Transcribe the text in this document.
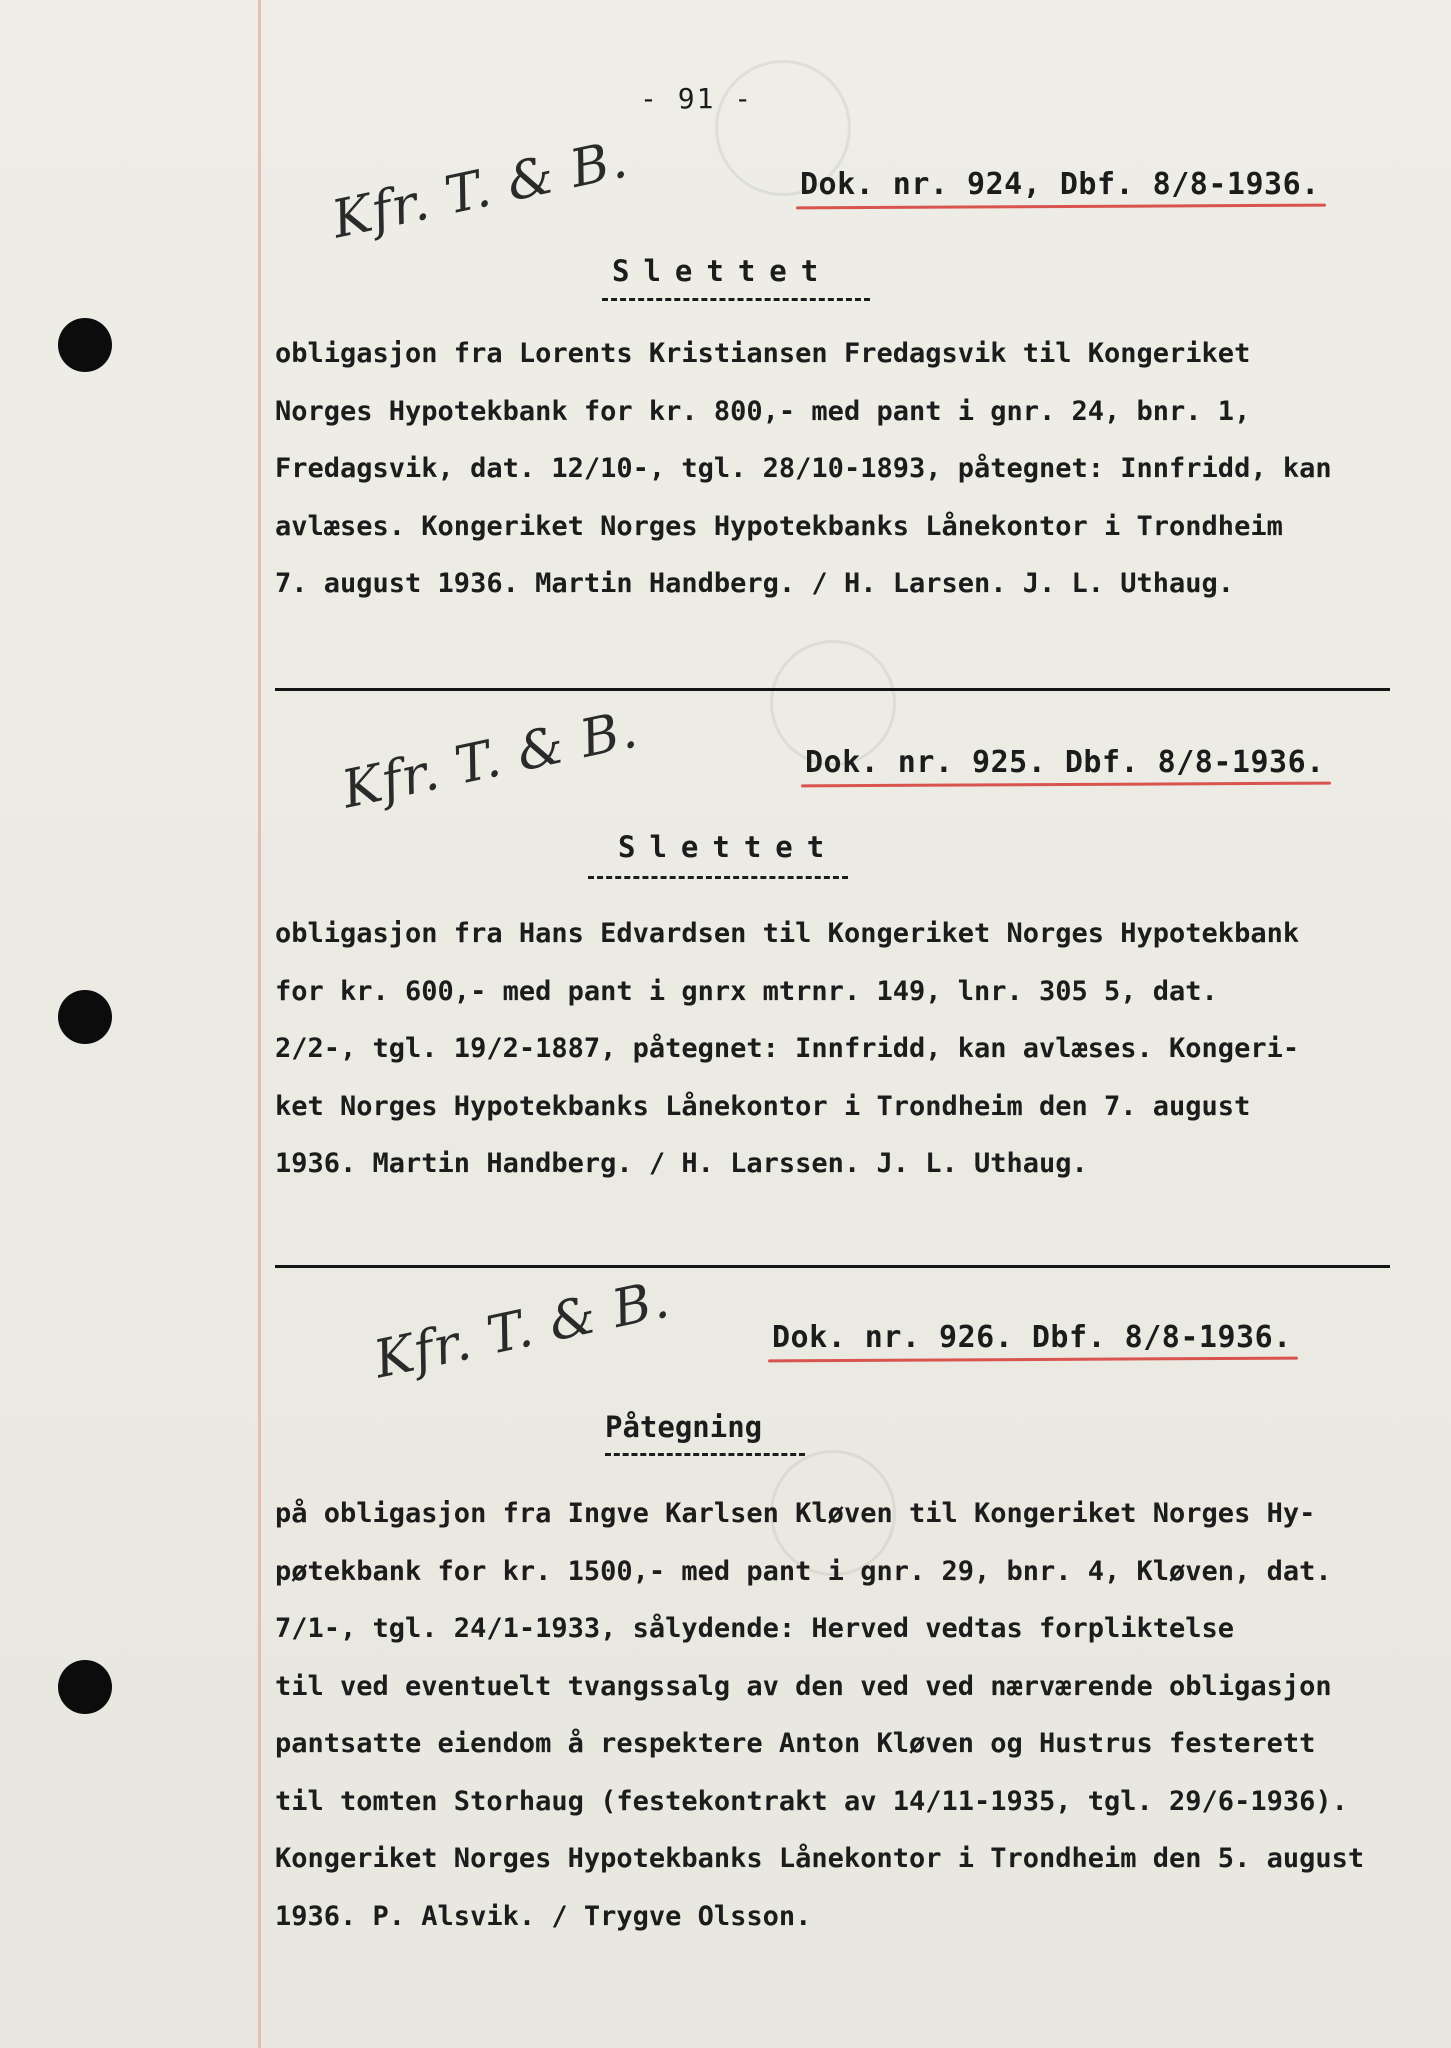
- 91 -
Kfr. T. & B.	Dok. nr. 924, Dbf. 8/8-1936.
Slettet
obligasjon fra Lorents Kristiansen Fredagsvik til Kongeriket
Norges Hypotekbank for kr. 800,- med pant i gnr. 24, bnr. 1,
Fredagsvik, dat. 12/10-, tgl. 28/10-1893, påtegnet: Innfridd, kan
avlæses. Kongeriket Norges Hypotekbanks Lånekontor i Trondheim
7. august 1936. Martin Handberg. / H. Larsen. J. L. Uthaug.
Kfr. T. & B.	Dok. nr. 925. Dbf. 8/8-1936.
Slettet
obligasjon fra Hans Edvardsen til Kongeriket Norges Hypotekbank
for kr. 600,- med pant i gnrx mtrnr. 149, lnr. 305 5, dat.
2/2-, tgl. 19/2-1887, påtegnet: Innfridd, kan avlæses. Kongeri-
ket Norges Hypotekbanks Lånekontor i Trondheim den 7. august
1936. Martin Handberg. / H. Larssen. J. L. Uthaug.
Kfr. T. & B.	Dok. nr. 926. Dbf. 8/8-1936.
Påtegning
på obligasjon fra Ingve Karlsen Kløven til Kongeriket Norges Hy-
pøtekbank for kr. 1500,- med pant i gnr. 29, bnr. 4, Kløven, dat.
7/1-, tgl. 24/1-1933, sålydende: Herved vedtas forpliktelse
til ved eventuelt tvangssalg av den ved ved nærværende obligasjon
pantsatte eiendom å respektere Anton Kløven og Hustrus festerett
til tomten Storhaug (festekontrakt av 14/11-1935, tgl. 29/6-1936).
Kongeriket Norges Hypotekbanks Lånekontor i Trondheim den 5. august
1936. P. Alsvik. / Trygve Olsson.
